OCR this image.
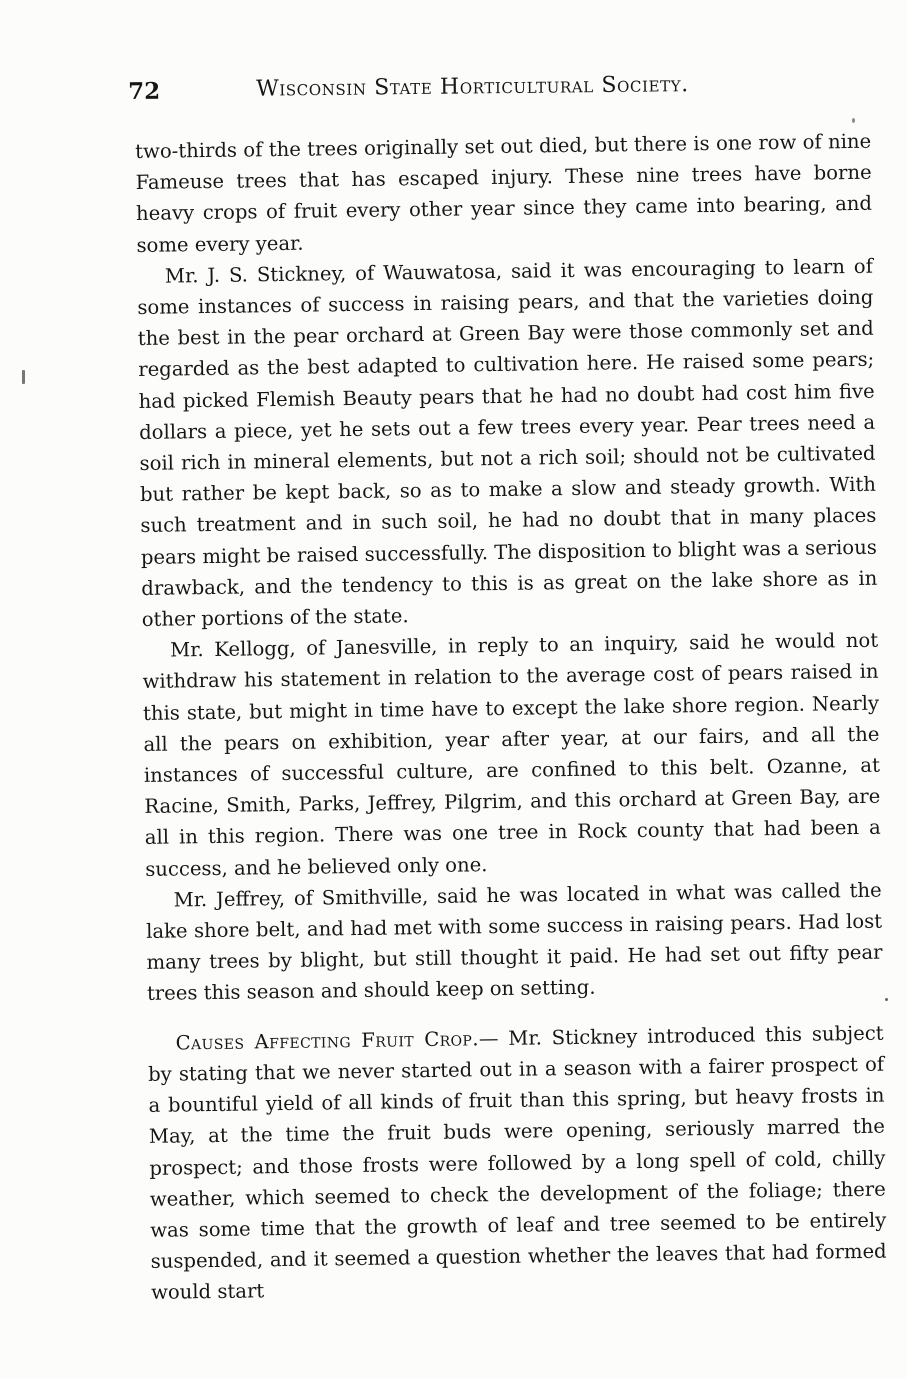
72	Wisconsin State Horticultural Society.

two-thirds of the trees originally set out died, but there is one row of nine Fameuse trees that has escaped injury. These nine trees have borne heavy crops of fruit every other year since they came into bearing, and some every year.

Mr. J. S. Stickney, of Wauwatosa, said it was encouraging to learn of some instances of success in raising pears, and that the varieties doing the best in the pear orchard at Green Bay were those commonly set and regarded as the best adapted to cultivation here. He raised some pears; had picked Flemish Beauty pears that he had no doubt had cost him five dollars a piece, yet he sets out a few trees every year. Pear trees need a soil rich in mineral elements, but not a rich soil; should not be cultivated but rather be kept back, so as to make a slow and steady growth. With such treatment and in such soil, he had no doubt that in many places pears might be raised successfully. The disposition to blight was a serious drawback, and the tendency to this is as great on the lake shore as in other portions of the state.

Mr. Kellogg, of Janesville, in reply to an inquiry, said he would not withdraw his statement in relation to the average cost of pears raised in this state, but might in time have to except the lake shore region. Nearly all the pears on exhibition, year after year, at our fairs, and all the instances of successful culture, are confined to this belt. Ozanne, at Racine, Smith, Parks, Jeffrey, Pilgrim, and this orchard at Green Bay, are all in this region. There was one tree in Rock county that had been a success, and he believed only one.

Mr. Jeffrey, of Smithville, said he was located in what was called the lake shore belt, and had met with some success in raising pears. Had lost many trees by blight, but still thought it paid. He had set out fifty pear trees this season and should keep on setting.

Causes Affecting Fruit Crop.— Mr. Stickney introduced this subject by stating that we never started out in a season with a fairer prospect of a bountiful yield of all kinds of fruit than this spring, but heavy frosts in May, at the time the fruit buds were opening, seriously marred the prospect; and those frosts were followed by a long spell of cold, chilly weather, which seemed to check the development of the foliage; there was some time that the growth of leaf and tree seemed to be entirely suspended, and it seemed a question whether the leaves that had formed would start
